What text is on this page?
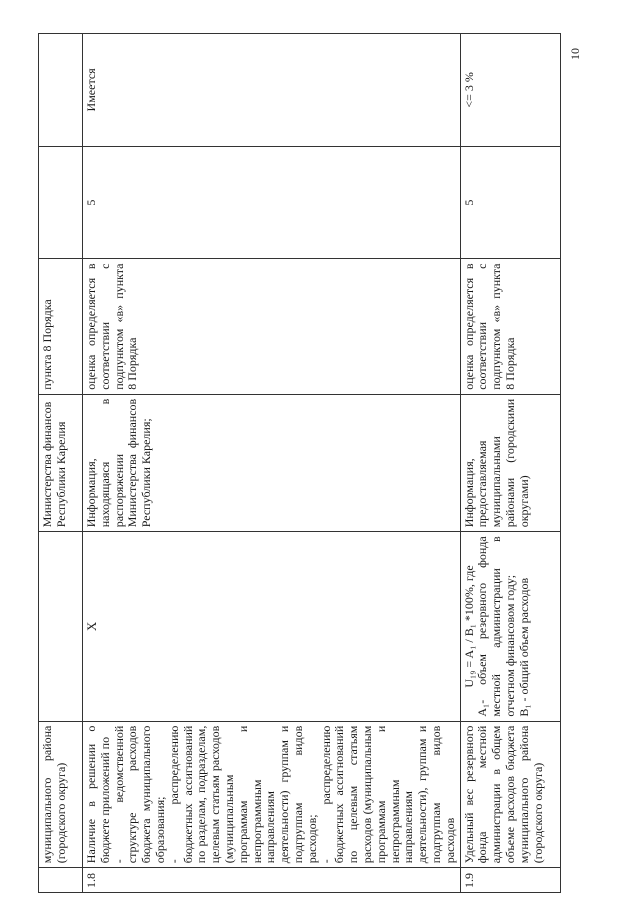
	муниципального района (городского округа)		Министерства финансов Республики Карелия	пункта 8 Порядка		
1.8	Наличие в решении о бюджете приложений по
- ведомственной структуре расходов бюджета муниципального образования;
- распределению бюджетных ассигнований по разделам, подразделам, целевым статьям расходов (муниципальным программам и непрограммным направлениям деятельности) группам и подгруппам видов расходов;
- распределению бюджетных ассигнований по целевым статьям расходов (муниципальным программам и непрограммным направлениям деятельности), группам и подгруппам видов расходов	X	Информация, находящаяся в распоряжении Министерства финансов Республики Карелия;	оценка определяется в соответствии с подпунктом «в» пункта 8 Порядка	5	Имеется
1.9	Удельный вес резервного фонда местной администрации в общем объеме расходов бюджета муниципального района (городского округа)	U₁₉ = A₁ / B₁ *100%, где
A₁- объем резервного фонда местной администрации в отчетном финансовом году;
B₁ - общий объем расходов	Информация, предоставляемая муниципальными районами (городскими округами)	оценка определяется в соответствии с подпунктом «в» пункта 8 Порядка	5	<= 3 %
10
